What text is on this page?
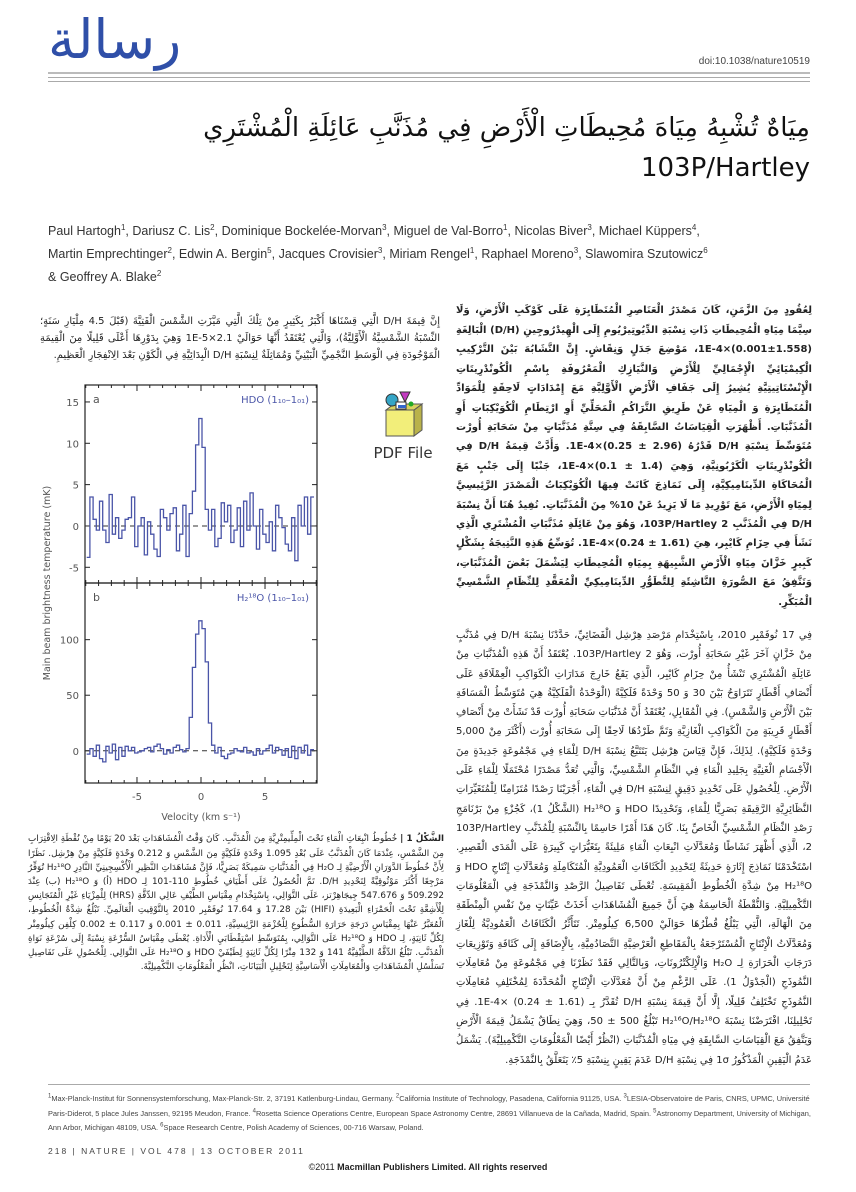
رسالة	doi:10.1038/nature10519
مِيَاهٌ تُشْبِهُ مِيَاهَ مُحِيطَاتِ الْأَرْضِ فِي مُذَنَّبِ عَائِلَةِ الْمُشْتَرِي 103P/Hartley
Paul Hartogh$^1$, Dariusz C. Lis$^2$, Dominique Bockelée-Morvan$^3$, Miguel de Val-Borro$^1$, Nicolas Biver$^3$, Michael Küppers$^4$,
Martin Emprechtinger$^2$, Edwin A. Bergin$^5$, Jacques Crovisier$^3$, Miriam Rengel$^1$, Raphael Moreno$^3$, Slawomira Szutowicz$^6$
& Geoffrey A. Blake$^2$
إِنَّ قِيمَةَ D/H الَّتِي قِسْنَاهَا أَكْبَرُ بِكَثِيرٍ مِنْ تِلْكَ الَّتِي مَيَّزَتِ الشَّمْسَ الْفَتِيَّةَ (قَبْلَ 4.5 مِلْيَارِ سَنَةٍ؛ النِّسْبَةُ الشَّمْسِيَّةُ الْأَوَّلِيَّةُ)، وَالَّتِي يُعْتَقَدُ أَنَّهَا حَوَالَيْ 2.1×1E-5 وَهِيَ بِدَوْرِهَا أَعْلَى قَلِيلًا مِنَ الْقِيمَةِ الْمَوْجُودَةِ فِي الْوَسَطِ النَّجْمِيِّ الْبَيْنِيِّ وَمُمَاثِلَةٌ لِنِسْبَةِ D/H الْبِدَائِيَّةِ فِي الْكَوْنِ بَعْدَ الِانْفِجَارِ الْعَظِيمِ.
-5
0
5
10
15 a	HDO (1₁₀–1₀₁)
0
50
100
b	H₂¹⁸O (1₁₀–1₀₁)
-5	0	5
Velocity (km s⁻¹)
Main beam brightness temperature (mK)
PDF File
الشَّكْلُ 1 | خُطُوطُ انْبِعَاثِ الْمَاءِ تَحْتَ الْمِلِّيمِتْرِيَّةِ مِنَ الْمُذَنَّبِ. كَانَ وَقْتُ الْمُشَاهَدَاتِ بَعْدَ 20 يَوْمًا مِنْ نُقْطَةِ الِاقْتِرَابِ مِنَ الشَّمْسِ، عِنْدَمَا كَانَ الْمُذَنَّبُ عَلَى بُعْدِ 1.095 وَحْدَةٍ فَلَكِيَّةٍ مِنَ الشَّمْسِ وَ 0.212 وَحْدَةٍ فَلَكِيَّةٍ مِنْ هِرْشِل. نَظَرًا لِأَنَّ خُطُوطَ الدَّوَرَانِ الْأَرْضِيَّةِ لِـ H₂O فِي الْمُذَنَّبَاتِ سَمِيكَةٌ بَصَرِيًّا، فَإِنَّ مُشَاهَدَاتِ النَّظِيرِ الْأُكْسِجِينِيِّ النَّادِرِ H₂¹⁸O تُوَفِّرُ مَرْجِعًا أَكْثَرَ مَوْثُوقِيَّةً لِتَحْدِيدِ D/H. تَمَّ الْحُصُولُ عَلَى أَطْيَافِ خُطُوطِ 110-101 لِـ HDO (أ) وَ H₂¹⁸O (ب) عِنْدَ 509.292 وَ 547.676 جِيجَاهِرْتز، عَلَى التَّوَالِي، بِاسْتِخْدَامِ مِقْيَاسِ الطَّيْفِ عَالِي الدِّقَّةِ (HRS) لِلْمِزْيَاءِ غَيْرِ الْمُتَجَانِسِ لِلْأَشِعَّةِ تَحْتَ الْحَمْرَاءِ الْبَعِيدَةِ (HIFI) بَيْنَ 17.28 وَ 17.64 نُوفَمْبِر 2010 بِالتَّوْقِيتِ الْعَالَمِيِّ. تَبْلُغُ شِدَّةُ الْخُطُوطِ، الْمُعَبَّرُ عَنْهَا بِمِقْيَاسِ دَرَجَةِ حَرَارَةِ السُّطُوعِ لِلْحُزْمَةِ الرَّئِيسِيَّةِ، 0.011 ± 0.001 وَ 0.117 ± 0.002 كِلْفِن كِيلُومِتْر لِكُلِّ ثَانِيَةٍ، لِـ HDO وَ H₂¹⁸O عَلَى التَّوَالِي، بِمُتَوَسِّطِ اسْتِقْطَابَيِ الْأَدَاةِ. يُعْطَى مِقْيَاسُ السُّرْعَةِ نِسْبَةً إِلَى سُرْعَةِ نَوَاةِ الْمُذَنَّبِ. تَبْلُغُ الدِّقَّةُ الطَّيْفِيَّةُ 141 وَ 132 مِتْرًا لِكُلِّ ثَانِيَةٍ لِطَيْفَيْ HDO وَ H₂¹⁸O عَلَى التَّوَالِي. لِلْحُصُولِ عَلَى تَفَاصِيلِ تَسَلْسُلِ الْمُشَاهَدَاتِ وَالْمُعَامِلَاتِ الْأَسَاسِيَّةِ لِتَحْلِيلِ الْبَيَانَاتِ، انْظُرِ الْمَعْلُومَاتِ التَّكْمِيلِيَّةَ.
لِعُقُودٍ مِنَ الزَّمَنِ، كَانَ مَصْدَرُ الْعَنَاصِرِ الْمُتَطَايِرَةِ عَلَى كَوْكَبِ الْأَرْضِ، وَلَا سِيَّمَا مِيَاهِ الْمُحِيطَاتِ ذَاتِ نِسْبَةِ الدِّيُوتِيرْيُومِ إِلَى الْهِيدْرُوجِينِ (D/H) الْبَالِغَةِ (1.558±0.001)×1E-4، مَوْضِعَ جَدَلٍ وَنِقَاشٍ. إِنَّ التَّشَابُهَ بَيْنَ التَّرْكِيبِ الْكِيمْيَائِيِّ الْإِجْمَالِيِّ لِلْأَرْضِ وَالنَّيَازِكِ الْمَعْرُوفَةِ بِاسْمِ الْكُونْدْرِيتَاتِ الْإِنْسْتَاتِيتِيَّةِ يُشِيرُ إِلَى جَفَافِ الْأَرْضِ الْأَوَّلِيَّةِ مَعَ إِمْدَادَاتٍ لَاحِقَةٍ لِلْمَوَادِّ الْمُتَطَايِرَةِ وَ الْمِيَاهِ عَنْ طَرِيقِ التَّرَاكُمِ الْمَحَلِّيِّ أَوِ ارْتِطَامِ الْكُوَيْكِبَاتِ أَوِ الْمُذَنَّبَاتِ. أَظْهَرَتِ الْقِيَاسَاتُ السَّابِقَةُ فِي سِتَّةِ مُذَنَّبَاتٍ مِنْ سَحَابَةِ أُورْت مُتَوَسِّطَ نِسْبَةِ D/H قَدْرُهُ (2.96 ± 0.25)×1E-4. وَأَدَّتْ قِيمَةُ D/H فِي الْكُونْدْرِيتَاتِ الْكَرْبُونِيَّةِ، وَهِيَ (1.4 ± 0.1)×1E-4، جَنْبًا إِلَى جَنْبٍ مَعَ الْمُحَاكَاةِ الدِّينَامِيكِيَّةِ، إِلَى نَمَاذِجَ كَانَتْ فِيهَا الْكُوَيْكِبَاتُ الْمَصْدَرَ الرَّئِيسِيَّ لِمِيَاهِ الْأَرْضِ، مَعَ تَوْرِيدِ مَا لَا يَزِيدُ عَنْ 10% مِنَ الْمُذَنَّبَاتِ. نُفِيدُ هُنَا أَنَّ نِسْبَةَ D/H فِي الْمُذَنَّبِ 103P/Hartley 2، وَهُوَ مِنْ عَائِلَةِ مُذَنَّبَاتِ الْمُشْتَرِي الَّذِي نَشَأَ فِي حِزَامِ كَايْبِر، هِيَ (1.61 ± 0.24)×1E-4. تُوَسِّعُ هَذِهِ النَّتِيجَةُ بِشَكْلٍ كَبِيرٍ خَزَّانَ مِيَاهِ الْأَرْضِ الشَّبِيهَةِ بِمِيَاهِ الْمُحِيطَاتِ لِيَشْمَلَ بَعْضَ الْمُذَنَّبَاتِ، وَتَتَّفِقُ مَعَ الصُّورَةِ النَّاشِئَةِ لِلتَّطَوُّرِ الدِّينَامِيكِيِّ الْمُعَقَّدِ لِلنِّظَامِ الشَّمْسِيِّ الْمُبَكِّرِ.
فِي 17 نُوفَمْبِر 2010، بِاسْتِخْدَامِ مَرْصَدِ هِرْشِل الْفَضَائِيِّ، حَدَّدْنَا نِسْبَةَ D/H فِي مُذَنَّبٍ مِنْ خَزَّانٍ آخَرَ غَيْرِ سَحَابَةِ أُورْت، وَهُوَ 103P/Hartley 2. يُعْتَقَدُ أَنَّ هَذِهِ الْمُذَنَّبَاتِ مِنْ عَائِلَةِ الْمُشْتَرِي تَنْشَأُ مِنْ حِزَامِ كَايْبِر، الَّذِي يَقَعُ خَارِجَ مَدَارَاتِ الْكَوَاكِبِ الْعِمْلَاقَةِ عَلَى أَنْصَافِ أَقْطَارٍ تَتَرَاوَحُ بَيْنَ 30 وَ 50 وَحْدَةً فَلَكِيَّةً (الْوَحْدَةُ الْفَلَكِيَّةُ هِيَ مُتَوَسِّطُ الْمَسَافَةِ بَيْنَ الْأَرْضِ وَالشَّمْسِ). فِي الْمُقَابِلِ، يُعْتَقَدُ أَنَّ مُذَنَّبَاتِ سَحَابَةِ أُورْت قَدْ نَشَأَتْ مِنْ أَنْصَافِ أَقْطَارٍ قَرِيبَةٍ مِنَ الْكَوَاكِبِ الْغَازِيَّةِ وَتَمَّ طَرْدُهَا لَاحِقًا إِلَى سَحَابَةِ أُورْت (أَكْثَرَ مِنْ 5,000 وَحْدَةٍ فَلَكِيَّةٍ). لِذَلِكَ، فَإِنَّ قِيَاسَ هِرْشِل يَتَتَبَّعُ نِسْبَةَ D/H لِلْمَاءِ فِي مَجْمُوعَةٍ جَدِيدَةٍ مِنَ الْأَجْسَامِ الْغَنِيَّةِ بِجَلِيدِ الْمَاءِ فِي النِّظَامِ الشَّمْسِيِّ، وَالَّتِي تُعَدُّ مَصْدَرًا مُحْتَمَلًا لِلْمَاءِ عَلَى الْأَرْضِ. لِلْحُصُولِ عَلَى تَحْدِيدٍ دَقِيقٍ لِنِسْبَةِ D/H فِي الْمَاءِ، أَجْرَيْنَا رَصْدًا مُتَزَامِنًا لِلْمُتَغَيِّرَاتِ النَّظَائِرِيَّةِ الرَّقِيقَةِ بَصَرِيًّا لِلْمَاءِ، وَتَحْدِيدًا HDO وَ H₂¹⁸O (الشَّكْلُ 1)، كَجُزْءٍ مِنْ بَرْنَامَجِ رَصْدِ النِّظَامِ الشَّمْسِيِّ الْخَاصِّ بِنَا. كَانَ هَذَا أَمْرًا حَاسِمًا بِالنِّسْبَةِ لِلْمُذَنَّبِ 103P/Hartley 2، الَّذِي أَظْهَرَ نَشَاطًا وَمُعَدَّلَاتِ انْبِعَاثِ الْمَاءِ مَلِيئَةً بِتَغَيُّرَاتٍ كَبِيرَةٍ عَلَى الْمَدَى الْقَصِيرِ. اسْتَخْدَمْنَا نَمَاذِجَ إِثَارَةٍ حَدِيثَةً لِتَحْدِيدِ الْكَثَافَاتِ الْعَمُودِيَّةِ الْمُتَكَامِلَةِ وَمُعَدَّلَاتِ إِنْتَاجِ HDO وَ H₂¹⁸O مِنْ شِدَّةِ الْخُطُوطِ الْمَقِيسَةِ. تُعْطَى تَفَاصِيلُ الرَّصْدِ وَالنَّمْذَجَةِ فِي الْمَعْلُومَاتِ التَّكْمِيلِيَّةِ. وَالنُّقْطَةُ الْحَاسِمَةُ هِيَ أَنَّ جَمِيعَ الْمُشَاهَدَاتِ أَخَذَتْ عَيِّنَاتٍ مِنْ نَفْسِ الْمِنْطَقَةِ مِنَ الْهَالَةِ، الَّتِي يَبْلُغُ قُطْرُهَا حَوَالَيْ 6,500 كِيلُومِتْر. تَتَأَثَّرُ الْكَثَافَاتُ الْعَمُودِيَّةُ لِلْغَازِ وَمُعَدَّلَاتُ الْإِنْتَاجِ الْمُسْتَرْجَعَةُ بِالْمَقَاطِعِ الْعَرْضِيَّةِ التَّصَادُمِيَّةِ، بِالْإِضَافَةِ إِلَى كَثَافَةِ وَتَوْزِيعَاتِ دَرَجَاتِ الْحَرَارَةِ لِـ H₂O وَالْإِلِكْتْرُونَاتِ، وَبِالتَّالِي فَقَدْ نَظَرْنَا فِي مَجْمُوعَةٍ مِنْ مُعَامِلَاتِ النَّمُوذَجِ (الْجَدْوَلُ 1). عَلَى الرَّغْمِ مِنْ أَنَّ مُعَدَّلَاتِ الْإِنْتَاجِ الْمُحَدَّدَةَ لِمُخْتَلِفِ مُعَامِلَاتِ النَّمُوذَجِ تَخْتَلِفُ قَلِيلًا، إِلَّا أَنَّ قِيمَةَ نِسْبَةِ D/H تُقَدَّرُ بِـ (1.61 ± 0.24) ×1E-4. فِي تَحْلِيلِنَا، افْتَرَضْنَا نِسْبَةَ H₂¹⁶O/H₂¹⁸O تَبْلُغُ 500 ± 50، وَهِيَ نِطَاقٌ يَشْمَلُ قِيمَةَ الْأَرْضِ وَيَتَّفِقُ مَعَ الْقِيَاسَاتِ السَّابِقَةِ فِي مِيَاهِ الْمُذَنَّبَاتِ (انْظُرْ أَيْضًا الْمَعْلُومَاتِ التَّكْمِيلِيَّةَ). يَشْمَلُ عَدَمُ الْيَقِينِ الْمَذْكُورُ 1σ فِي نِسْبَةِ D/H عَدَمَ يَقِينٍ بِنِسْبَةِ 5٪ يَتَعَلَّقُ بِالنَّمْذَجَةِ.
$^1$Max-Planck-Institut für Sonnensystemforschung, Max-Planck-Str. 2, 37191 Katlenburg-Lindau, Germany. $^2$California Institute of Technology, Pasadena, California 91125, USA. $^3$LESIA-Observatoire de Paris, CNRS, UPMC, Université Paris-Diderot, 5 place Jules Janssen, 92195 Meudon, France. $^4$Rosetta Science Operations Centre, European Space Astronomy Centre, 28691 Villanueva de la Cañada, Madrid, Spain. $^5$Astronomy Department, University of Michigan, Ann Arbor, Michigan 48109, USA. $^6$Space Research Centre, Polish Academy of Sciences, 00-716 Warsaw, Poland.
218 | NATURE | VOL 478 | 13 OCTOBER 2011
©2011 Macmillan Publishers Limited. All rights reserved
